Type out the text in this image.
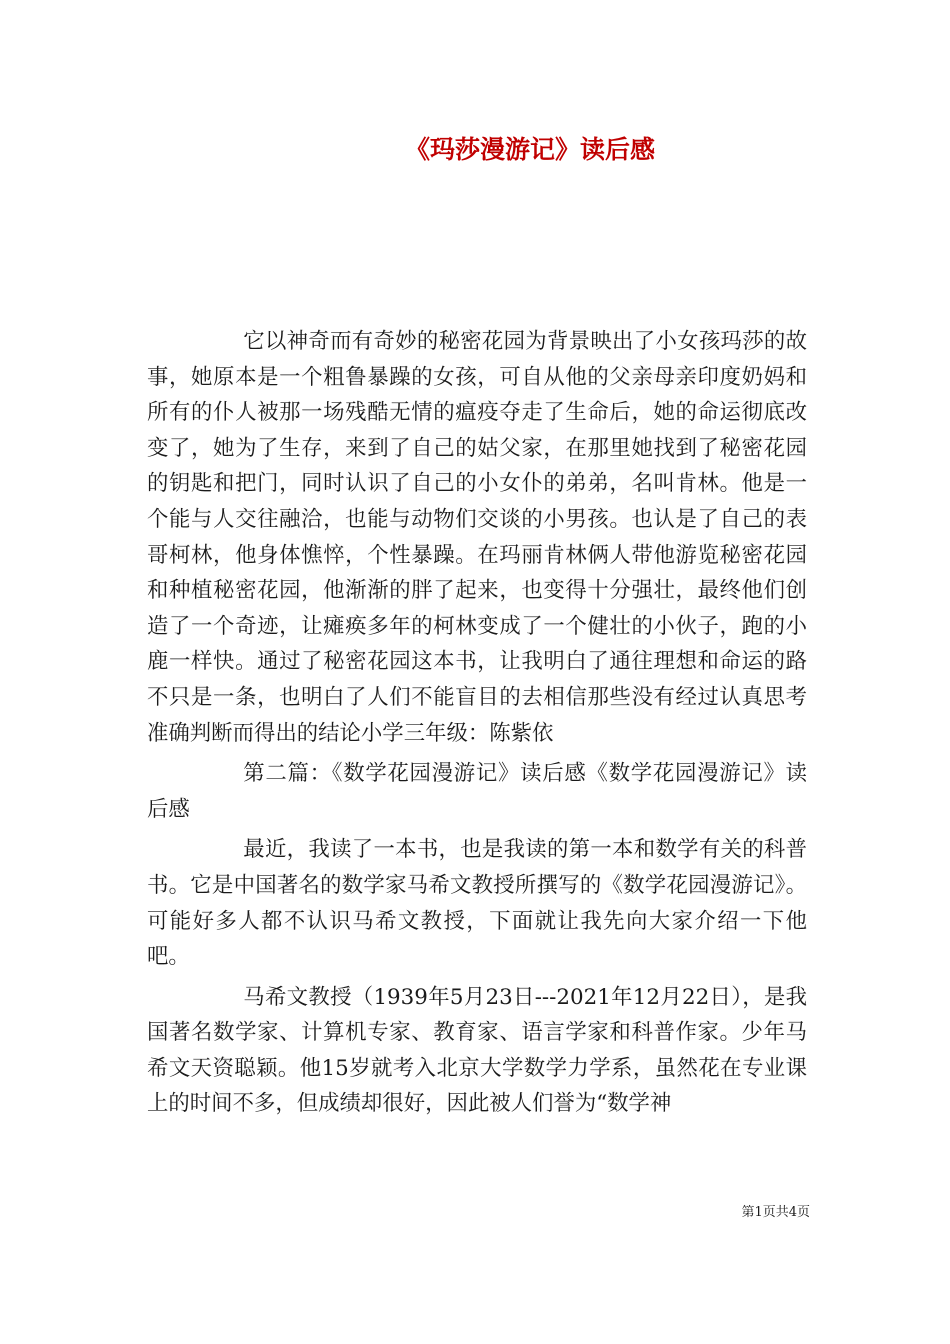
《玛莎漫游记》读后感

它以神奇而有奇妙的秘密花园为背景映出了小女孩玛莎的故事，她原本是一个粗鲁暴躁的女孩，可自从他的父亲母亲印度奶妈和所有的仆人被那一场残酷无情的瘟疫夺走了生命后，她的命运彻底改变了，她为了生存，来到了自己的姑父家，在那里她找到了秘密花园的钥匙和把门，同时认识了自己的小女仆的弟弟，名叫肯林。他是一个能与人交往融洽，也能与动物们交谈的小男孩。也认是了自己的表哥柯林，他身体憔悴，个性暴躁。在玛丽肯林俩人带他游览秘密花园和种植秘密花园，他渐渐的胖了起来，也变得十分强壮，最终他们创造了一个奇迹，让瘫痪多年的柯林变成了一个健壮的小伙子，跑的小鹿一样快。通过了秘密花园这本书，让我明白了通往理想和命运的路不只是一条，也明白了人们不能盲目的去相信那些没有经过认真思考准确判断而得出的结论小学三年级：陈紫依

第二篇：《数学花园漫游记》读后感《数学花园漫游记》读后感

最近，我读了一本书，也是我读的第一本和数学有关的科普书。它是中国著名的数学家马希文教授所撰写的《数学花园漫游记》。可能好多人都不认识马希文教授，下面就让我先向大家介绍一下他吧。

马希文教授（1939年5月23日---2021年12月22日），是我国著名数学家、计算机专家、教育家、语言学家和科普作家。少年马希文天资聪颖。他15岁就考入北京大学数学力学系，虽然花在专业课上的时间不多，但成绩却很好，因此被人们誉为“数学神

第1页共4页
